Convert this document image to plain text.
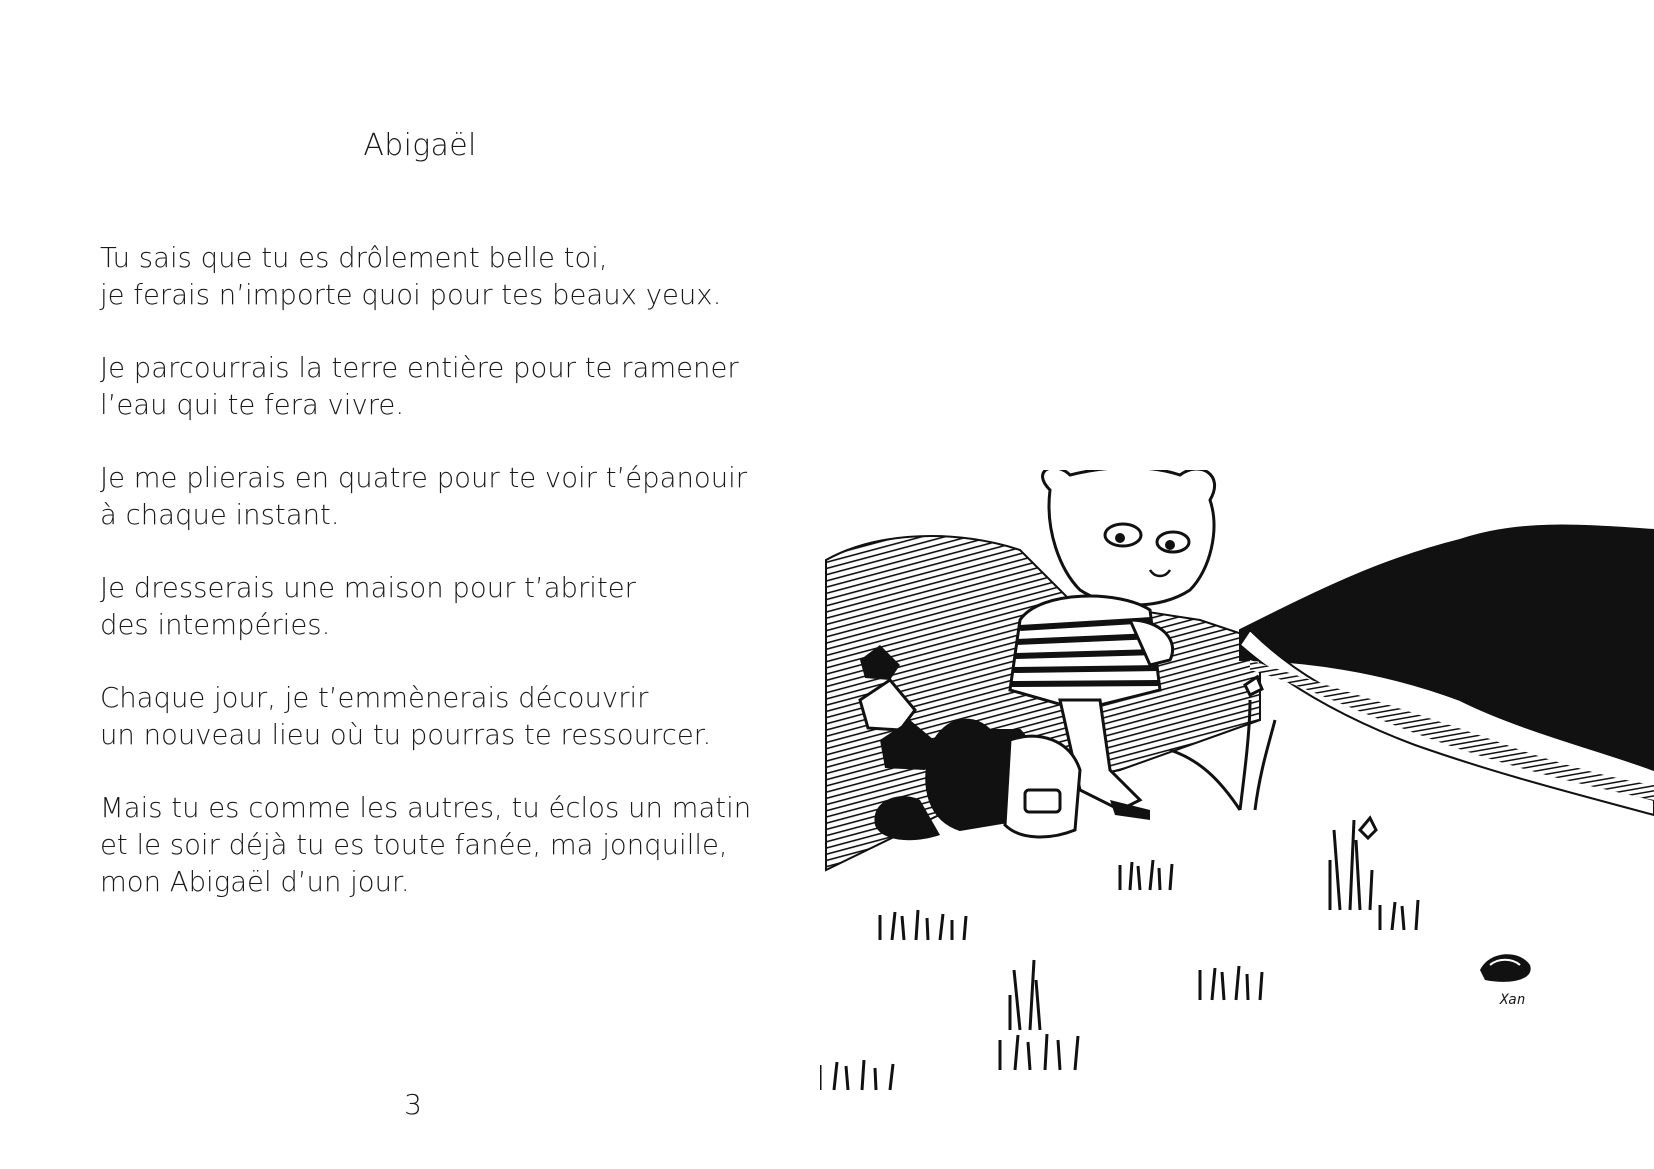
Abigaël

Tu sais que tu es drôlement belle toi,
je ferais n’importe quoi pour tes beaux yeux.

Je parcourrais la terre entière pour te ramener
l’eau qui te fera vivre.

Je me plierais en quatre pour te voir t’épanouir
à chaque instant.

Je dresserais une maison pour t’abriter
des intempéries.

Chaque jour, je t’emmènerais découvrir
un nouveau lieu où tu pourras te ressourcer.

Mais tu es comme les autres, tu éclos un matin
et le soir déjà tu es toute fanée, ma jonquille,
mon Abigaël d’un jour.

3
Xan
